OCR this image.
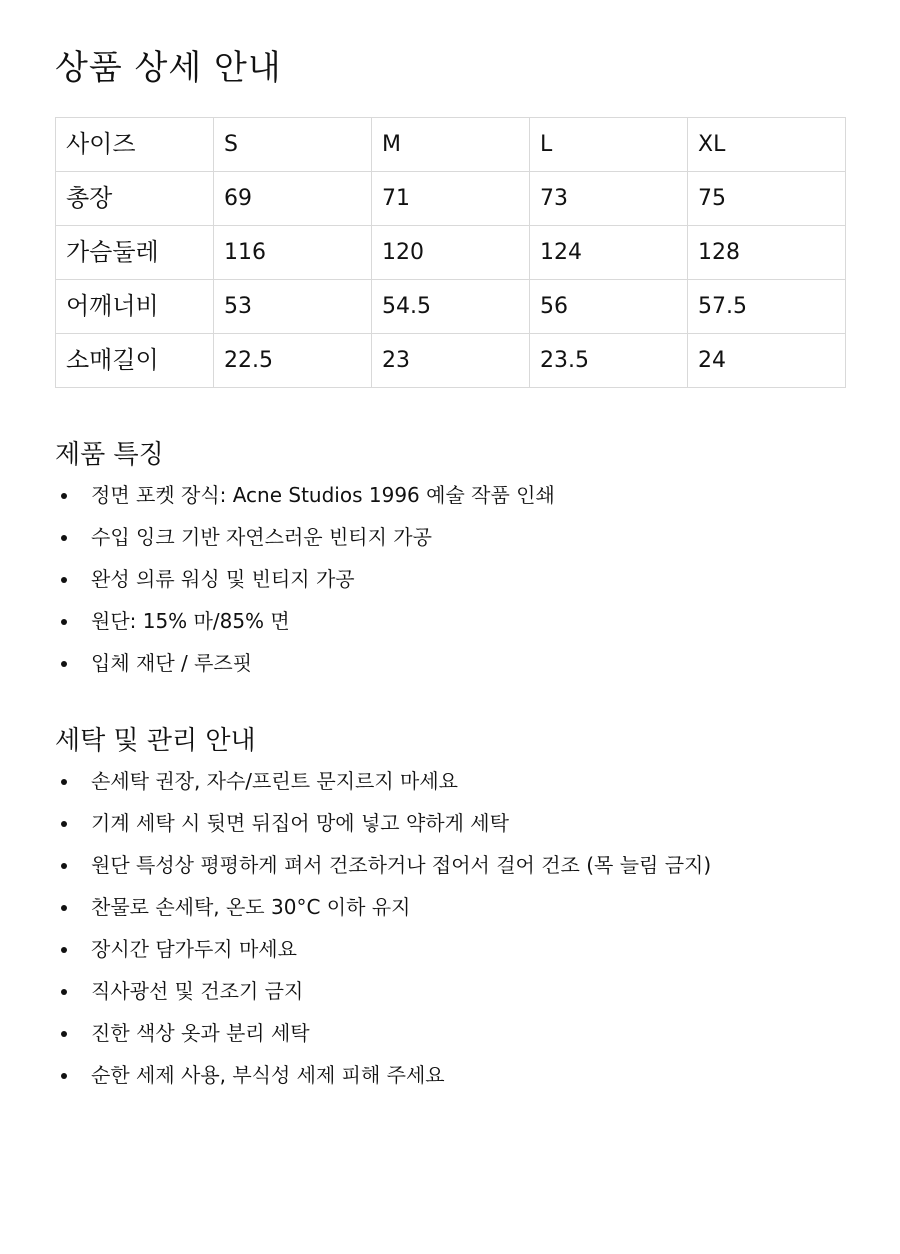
상품 상세 안내
사이즈	S	M	L	XL
총장	69	71	73	75
가슴둘레	116	120	124	128
어깨너비	53	54.5	56	57.5
소매길이	22.5	23	23.5	24
제품 특징
정면 포켓 장식: Acne Studios 1996 예술 작품 인쇄
수입 잉크 기반 자연스러운 빈티지 가공
완성 의류 워싱 및 빈티지 가공
원단: 15% 마/85% 면
입체 재단 / 루즈핏
세탁 및 관리 안내
손세탁 권장, 자수/프린트 문지르지 마세요
기계 세탁 시 뒷면 뒤집어 망에 넣고 약하게 세탁
원단 특성상 평평하게 펴서 건조하거나 접어서 걸어 건조 (목 늘림 금지)
찬물로 손세탁, 온도 30°C 이하 유지
장시간 담가두지 마세요
직사광선 및 건조기 금지
진한 색상 옷과 분리 세탁
순한 세제 사용, 부식성 세제 피해 주세요
